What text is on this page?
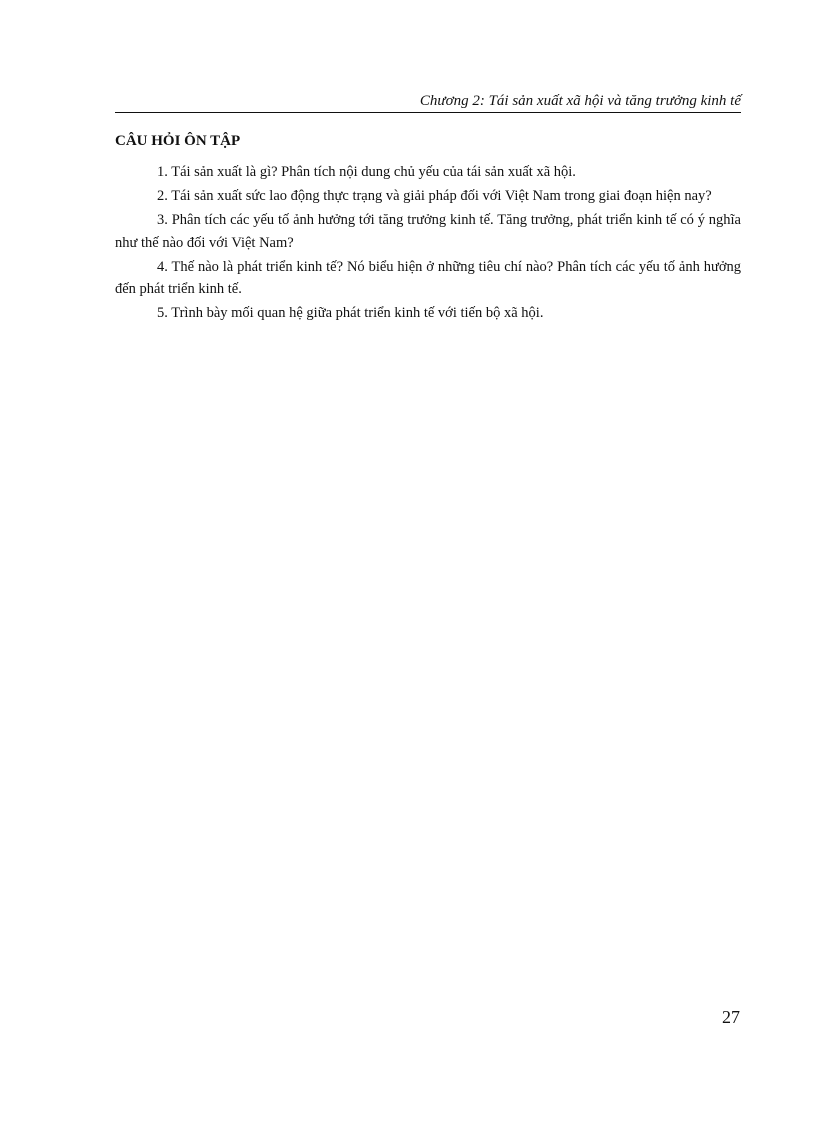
Chương 2: Tái sản xuất xã hội và tăng trưởng kinh tế
CÂU HỎI ÔN TẬP
1. Tái sản xuất là gì? Phân tích nội dung chủ yếu của tái sản xuất xã hội.
2. Tái sản xuất sức lao động thực trạng và giải pháp đối với Việt Nam trong giai đoạn hiện nay?
3. Phân tích các yếu tố ảnh hưởng tới tăng trưởng kinh tế. Tăng trưởng, phát triển kinh tế có ý nghĩa như thế nào đối với Việt Nam?
4. Thế nào là phát triển kinh tế? Nó biểu hiện ở những tiêu chí nào? Phân tích các yếu tố ảnh hưởng đến phát triển kinh tế.
5. Trình bày mối quan hệ giữa phát triển kinh tế với tiến bộ xã hội.
27
